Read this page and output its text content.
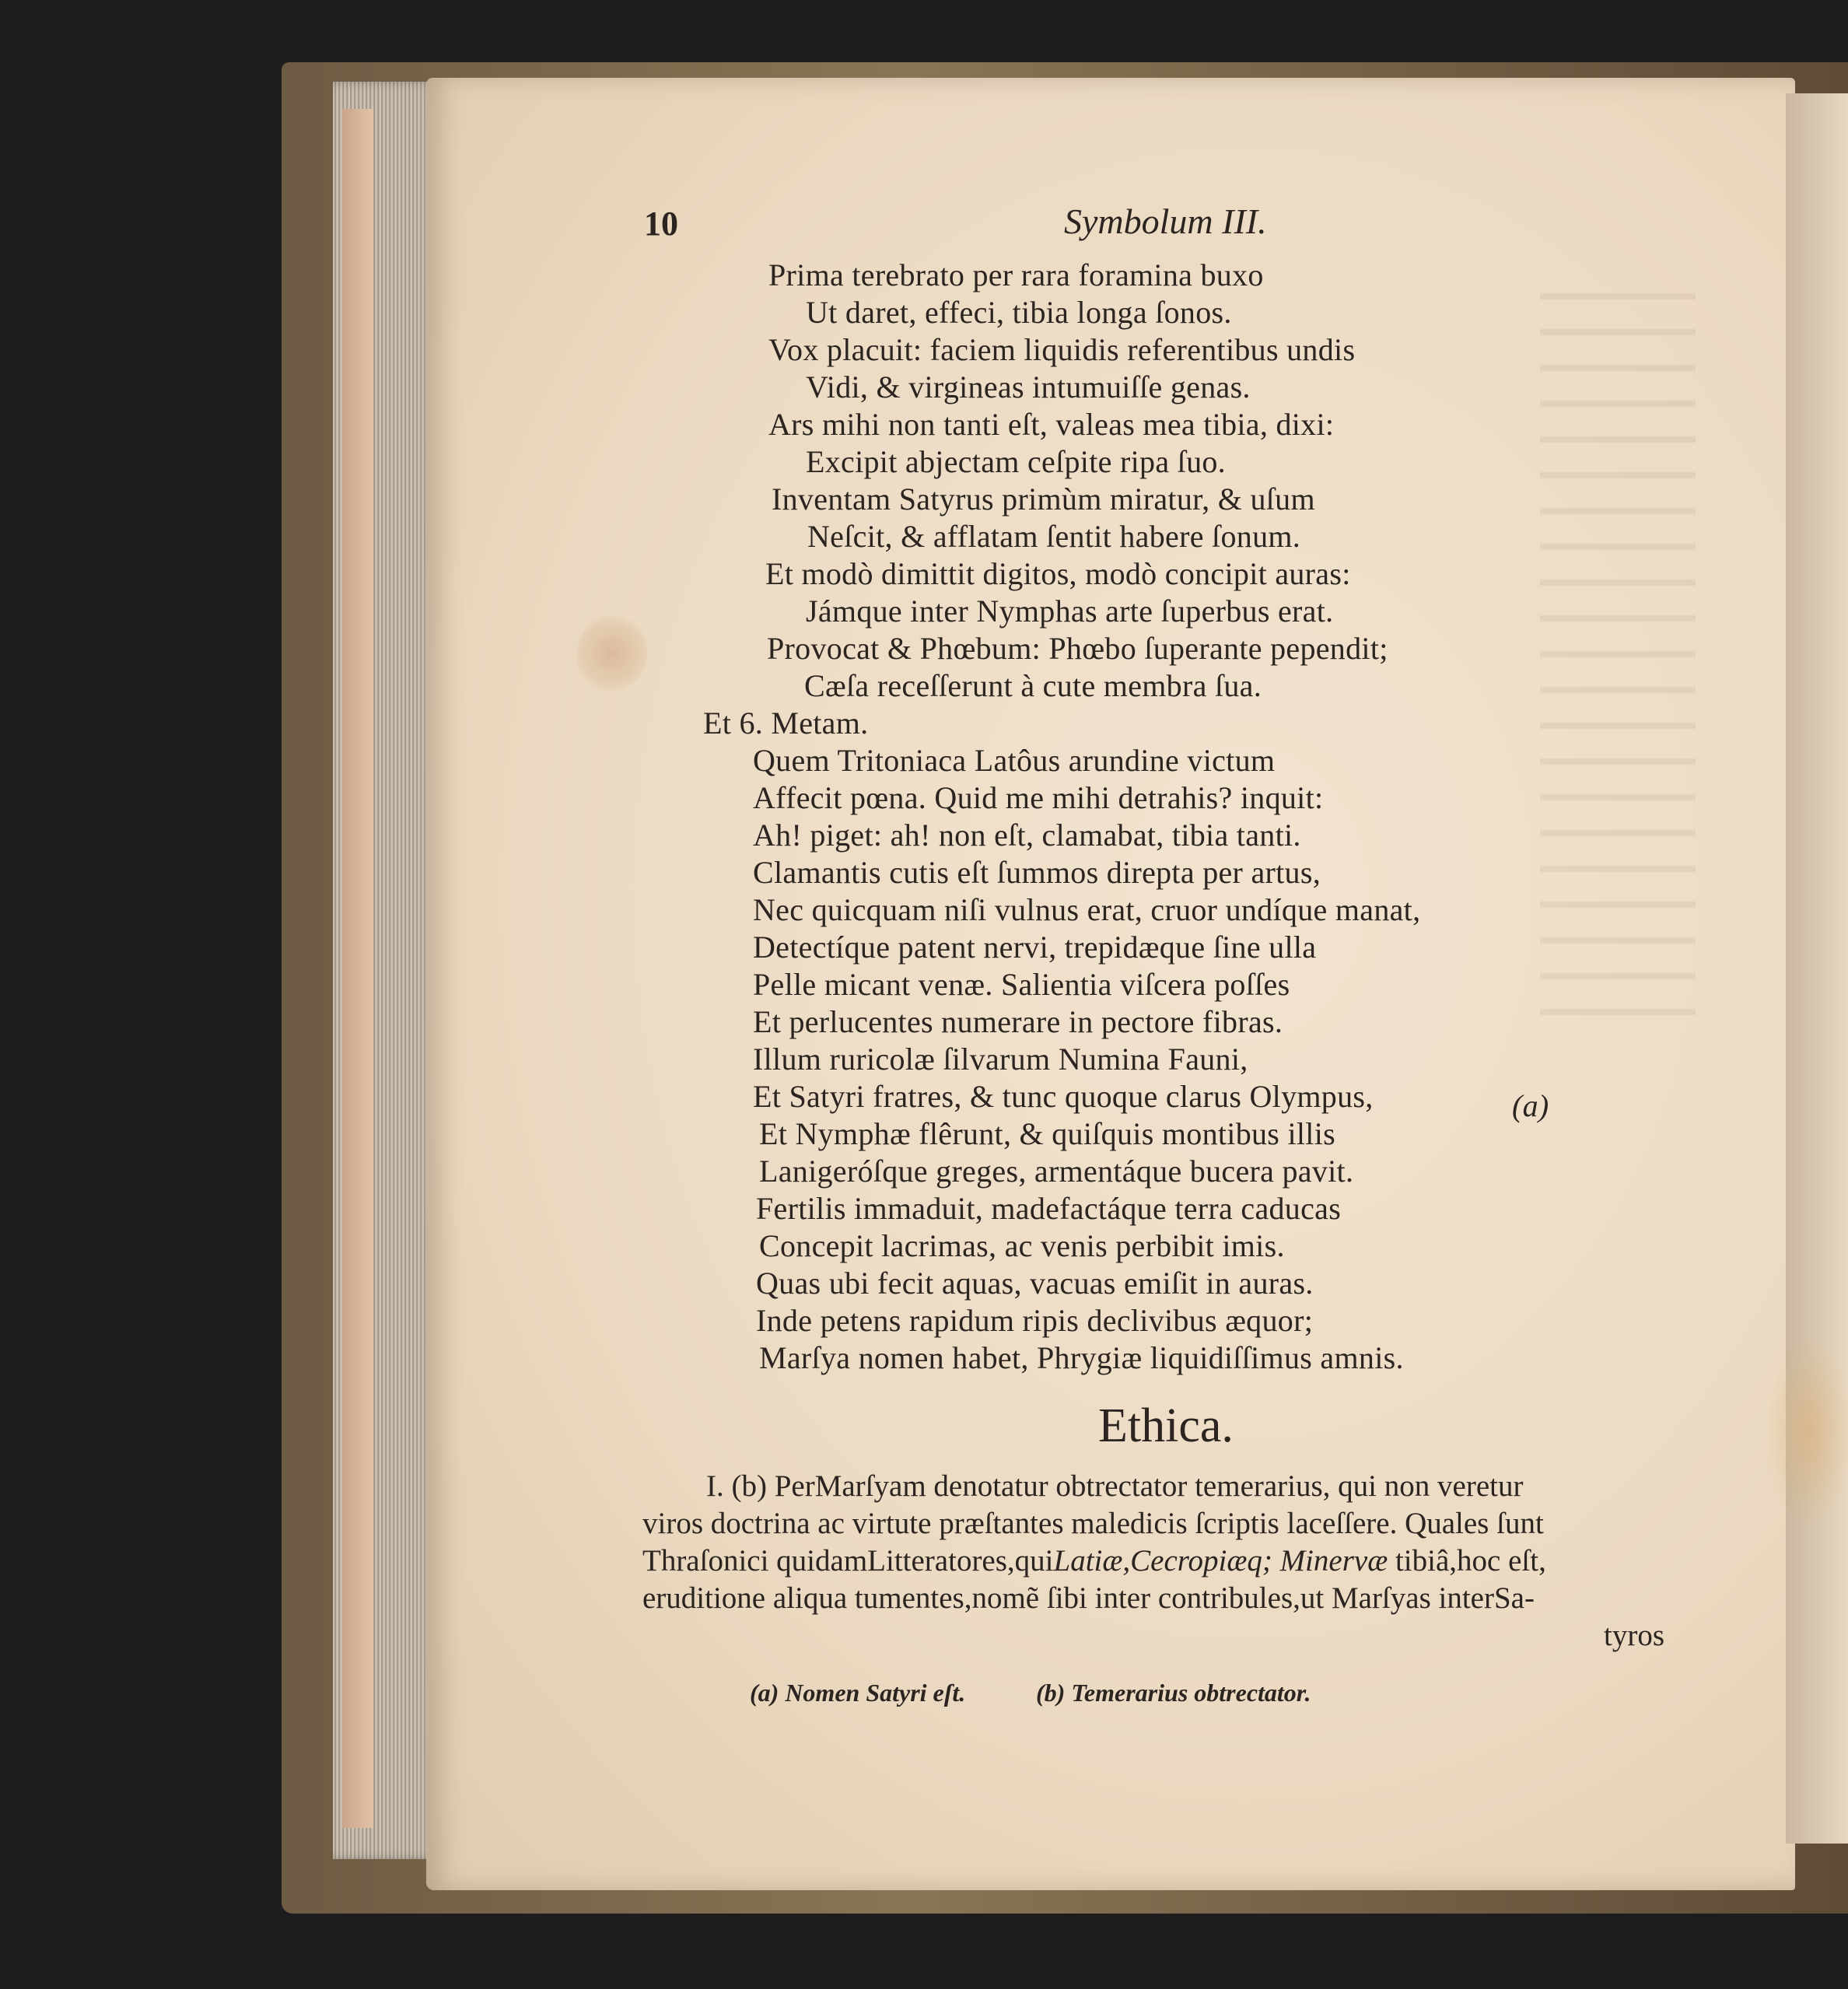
10	Symbolum III.
Prima terebrato per rara foramina buxo
Ut daret, effeci, tibia longa ſonos.
Vox placuit: faciem liquidis referentibus undis
Vidi, & virgineas intumuiſſe genas.
Ars mihi non tanti eſt, valeas mea tibia, dixi:
Excipit abjectam ceſpite ripa ſuo.
Inventam Satyrus primùm miratur, & uſum
Neſcit, & afflatam ſentit habere ſonum.
Et modò dimittit digitos, modò concipit auras:
Jámque inter Nymphas arte ſuperbus erat.
Provocat & Phœbum: Phœbo ſuperante pependit;
Cæſa receſſerunt à cute membra ſua.
Et 6. Metam.
Quem Tritoniaca Latôus arundine victum
Affecit pœna. Quid me mihi detrahis? inquit:
Ah! piget: ah! non eſt, clamabat, tibia tanti.
Clamantis cutis eſt ſummos direpta per artus,
Nec quicquam niſi vulnus erat, cruor undíque manat,
Detectíque patent nervi, trepidæque ſine ulla
Pelle micant venæ. Salientia viſcera poſſes
Et perlucentes numerare in pectore fibras.
Illum ruricolæ ſilvarum Numina Fauni,
Et Satyri fratres, & tunc quoque clarus Olympus,
Et Nymphæ flêrunt, & quiſquis montibus illis
Lanigeróſque greges, armentáque bucera pavit.
Fertilis immaduit, madefactáque terra caducas
Concepit lacrimas, ac venis perbibit imis.
Quas ubi fecit aquas, vacuas emiſit in auras.
Inde petens rapidum ripis declivibus æquor;
Marſya nomen habet, Phrygiæ liquidiſſimus amnis.
(a)
Ethica.
I. (b) PerMarſyam denotatur obtrectator temerarius, qui non veretur
viros doctrina ac virtute præſtantes maledicis ſcriptis laceſſere. Quales ſunt
Thraſonici quidamLitteratores,quiLatiæ,Cecropiæq; Minervæ tibiâ,hoc eſt,
eruditione aliqua tumentes,nomẽ ſibi inter contribules,ut Marſyas interSa-
tyros
(a) Nomen Satyri eſt.	(b) Temerarius obtrectator.
